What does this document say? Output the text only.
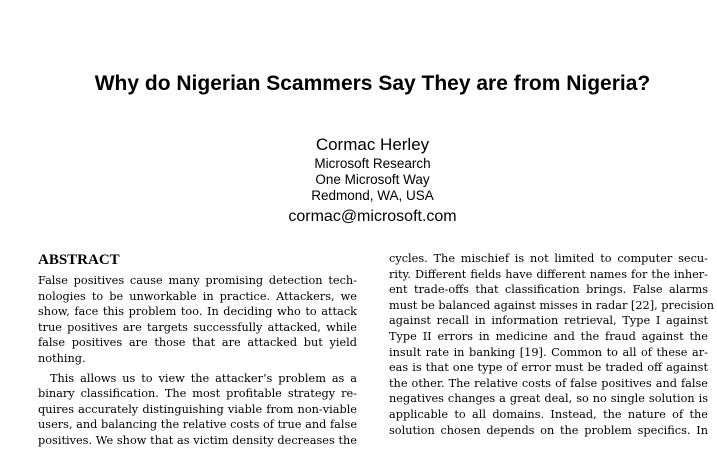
Why do Nigerian Scammers Say They are from Nigeria?
Cormac Herley
Microsoft Research
One Microsoft Way
Redmond, WA, USA
cormac@microsoft.com
ABSTRACT

False positives cause many promising detection tech-
nologies to be unworkable in practice. Attackers, we
show, face this problem too. In deciding who to attack
true positives are targets successfully attacked, while
false positives are those that are attacked but yield
nothing.

This allows us to view the attacker’s problem as a
binary classification. The most profitable strategy re-
quires accurately distinguishing viable from non-viable
users, and balancing the relative costs of true and false
positives. We show that as victim density decreases the

cycles. The mischief is not limited to computer secu-
rity. Different fields have different names for the inher-
ent trade-offs that classification brings. False alarms
must be balanced against misses in radar [22], precision
against recall in information retrieval, Type I against
Type II errors in medicine and the fraud against the
insult rate in banking [19]. Common to all of these ar-
eas is that one type of error must be traded off against
the other. The relative costs of false positives and false
negatives changes a great deal, so no single solution is
applicable to all domains. Instead, the nature of the
solution chosen depends on the problem specifics. In
